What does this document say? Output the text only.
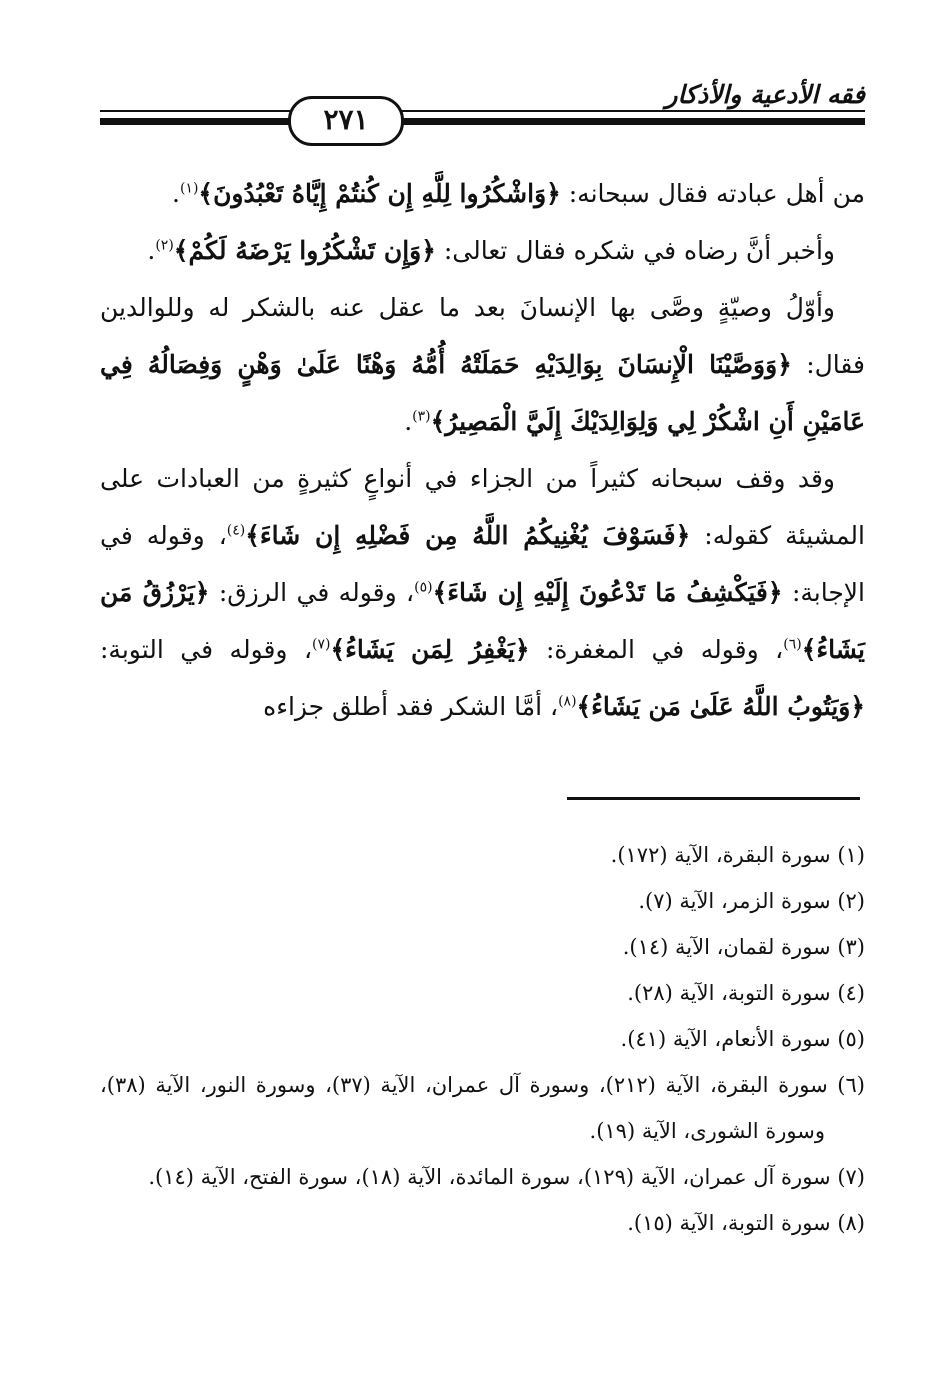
٢٧١
فقه الأدعية والأذكار

من أهل عبادته فقال سبحانه: ﴿وَاشْكُرُوا لِلَّهِ إِن كُنتُمْ إِيَّاهُ تَعْبُدُونَ﴾$^{(١)}$.

وأخبر أنَّ رضاه في شكره فقال تعالى: ﴿وَإِن تَشْكُرُوا يَرْضَهُ لَكُمْ﴾$^{(٢)}$.

وأوّلُ وصيّةٍ وصَّى بها الإنسانَ بعد ما عقل عنه بالشكر له وللوالدين فقال: ﴿وَوَصَّيْنَا الْإِنسَانَ بِوَالِدَيْهِ حَمَلَتْهُ أُمُّهُ وَهْنًا عَلَىٰ وَهْنٍ وَفِصَالُهُ فِي عَامَيْنِ أَنِ اشْكُرْ لِي وَلِوَالِدَيْكَ إِلَيَّ الْمَصِيرُ﴾$^{(٣)}$.

وقد وقف سبحانه كثيراً من الجزاء في أنواعٍ كثيرةٍ من العبادات على المشيئة كقوله: ﴿فَسَوْفَ يُغْنِيكُمُ اللَّهُ مِن فَضْلِهِ إِن شَاءَ﴾$^{(٤)}$، وقوله في الإجابة: ﴿فَيَكْشِفُ مَا تَدْعُونَ إِلَيْهِ إِن شَاءَ﴾$^{(٥)}$، وقوله في الرزق: ﴿يَرْزُقُ مَن يَشَاءُ﴾$^{(٦)}$، وقوله في المغفرة: ﴿يَغْفِرُ لِمَن يَشَاءُ﴾$^{(٧)}$، وقوله في التوبة: ﴿وَيَتُوبُ اللَّهُ عَلَىٰ مَن يَشَاءُ﴾$^{(٨)}$، أمَّا الشكر فقد أطلق جزاءه

(١) سورة البقرة، الآية (١٧٢).

(٢) سورة الزمر، الآية (٧).

(٣) سورة لقمان، الآية (١٤).

(٤) سورة التوبة، الآية (٢٨).

(٥) سورة الأنعام، الآية (٤١).

(٦) سورة البقرة، الآية (٢١٢)، وسورة آل عمران، الآية (٣٧)، وسورة النور، الآية (٣٨)، وسورة الشورى، الآية (١٩).

(٧) سورة آل عمران، الآية (١٢٩)، سورة المائدة، الآية (١٨)، سورة الفتح، الآية (١٤).

(٨) سورة التوبة، الآية (١٥).
